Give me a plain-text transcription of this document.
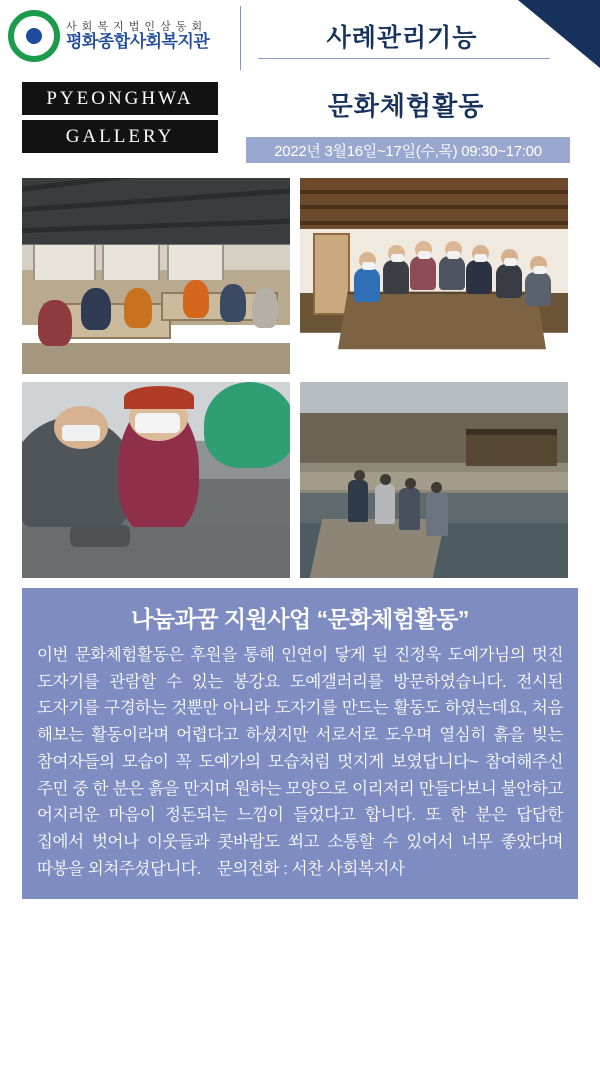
사 회 복 지 법 인 삼 동 회
평화종합사회복지관	사례관리기능
PYEONGHWA
GALLERY
문화체험활동
2022년 3월16일~17일(수,목) 09:30~17:00
나눔과꿈 지원사업 “문화체험활동”
이번 문화체험활동은 후원을 통해 인연이 닿게 된 진정욱 도예가님의 멋진 도자기를 관람할 수 있는 봉강요 도예갤러리를 방문하였습니다. 전시된 도자기를 구경하는 것뿐만 아니라 도자기를 만드는 활동도 하였는데요, 처음 해보는 활동이라며 어렵다고 하셨지만 서로서로 도우며 열심히 흙을 빚는 참여자들의 모습이 꼭 도예가의 모습처럼 멋지게 보였답니다~ 참여해주신 주민 중 한 분은 흙을 만지며 원하는 모양으로 이리저리 만들다보니 불안하고 어지러운 마음이 정돈되는 느낌이 들었다고 합니다. 또 한 분은 답답한 집에서 벗어나 이웃들과 콧바람도 쐬고 소통할 수 있어서 너무 좋았다며 따봉을 외쳐주셨답니다.　문의전화 : 서찬 사회복지사
